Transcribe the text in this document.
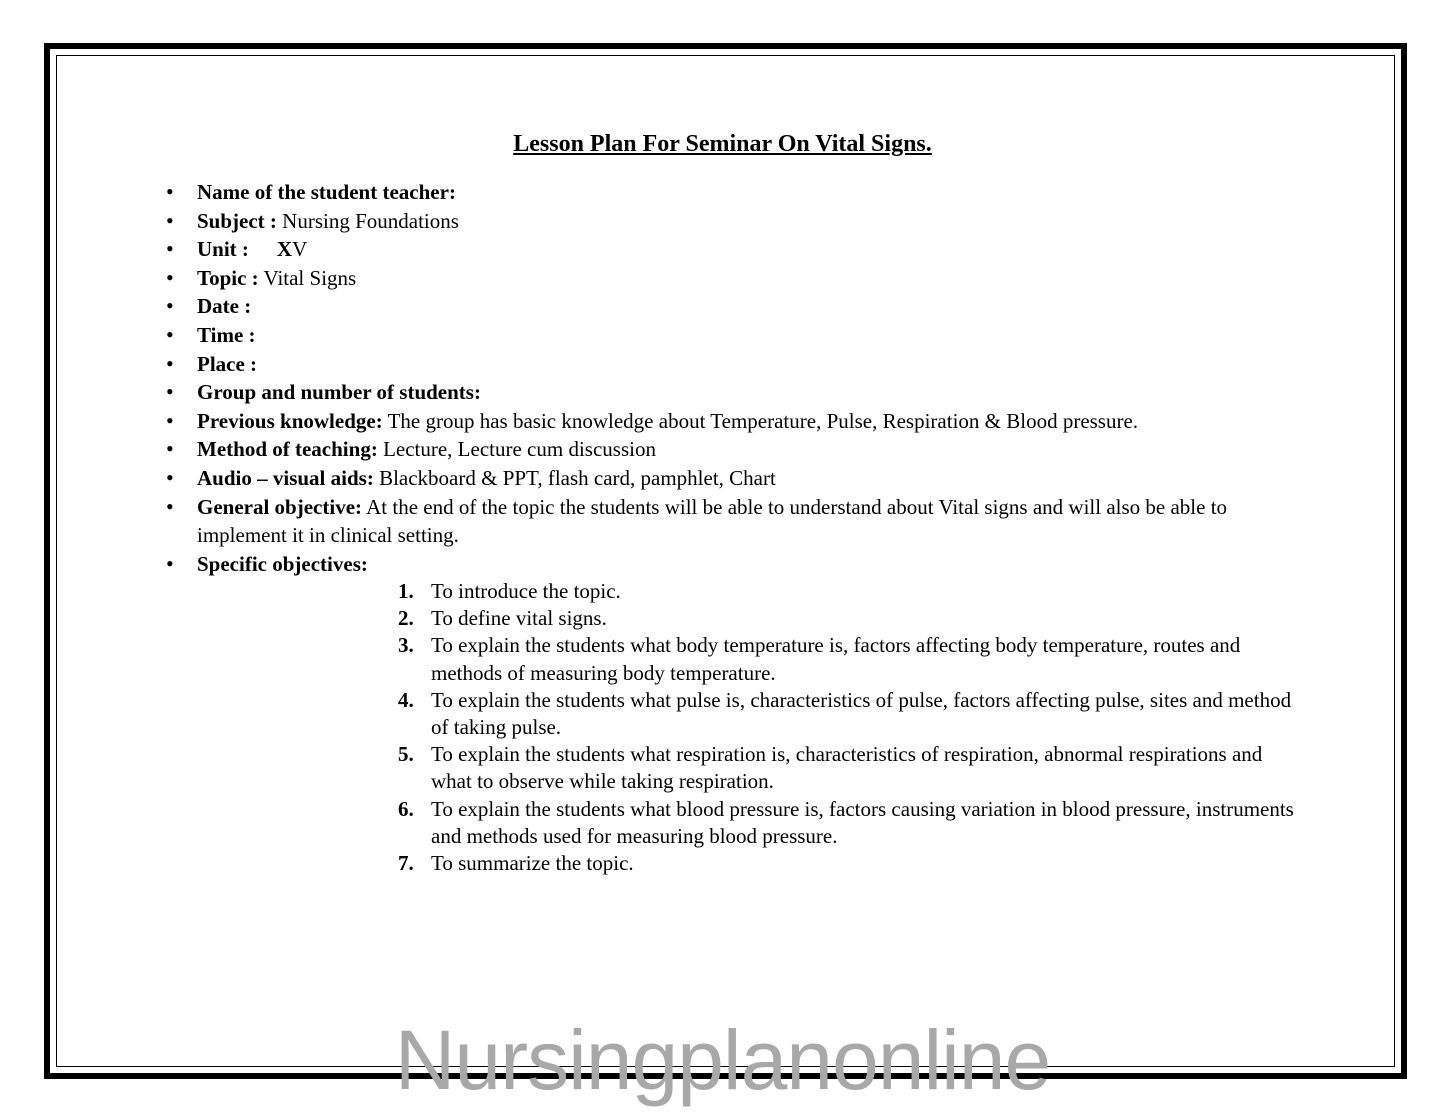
Lesson Plan For Seminar On Vital Signs.
• Name of the student teacher:
• Subject : Nursing Foundations
• Unit : XV
• Topic : Vital Signs
• Date :
• Time :
• Place :
• Group and number of students:
• Previous knowledge: The group has basic knowledge about Temperature, Pulse, Respiration & Blood pressure.
• Method of teaching: Lecture, Lecture cum discussion
• Audio – visual aids: Blackboard & PPT, flash card, pamphlet, Chart
• General objective: At the end of the topic the students will be able to understand about Vital signs and will also be able to implement it in clinical setting.
• Specific objectives:
1. To introduce the topic.
2. To define vital signs.
3. To explain the students what body temperature is, factors affecting body temperature, routes and methods of measuring body temperature.
4. To explain the students what pulse is, characteristics of pulse, factors affecting pulse, sites and method of taking pulse.
5. To explain the students what respiration is, characteristics of respiration, abnormal respirations and what to observe while taking respiration.
6. To explain the students what blood pressure is, factors causing variation in blood pressure, instruments and methods used for measuring blood pressure.
7. To summarize the topic.
Nursingplanonline
